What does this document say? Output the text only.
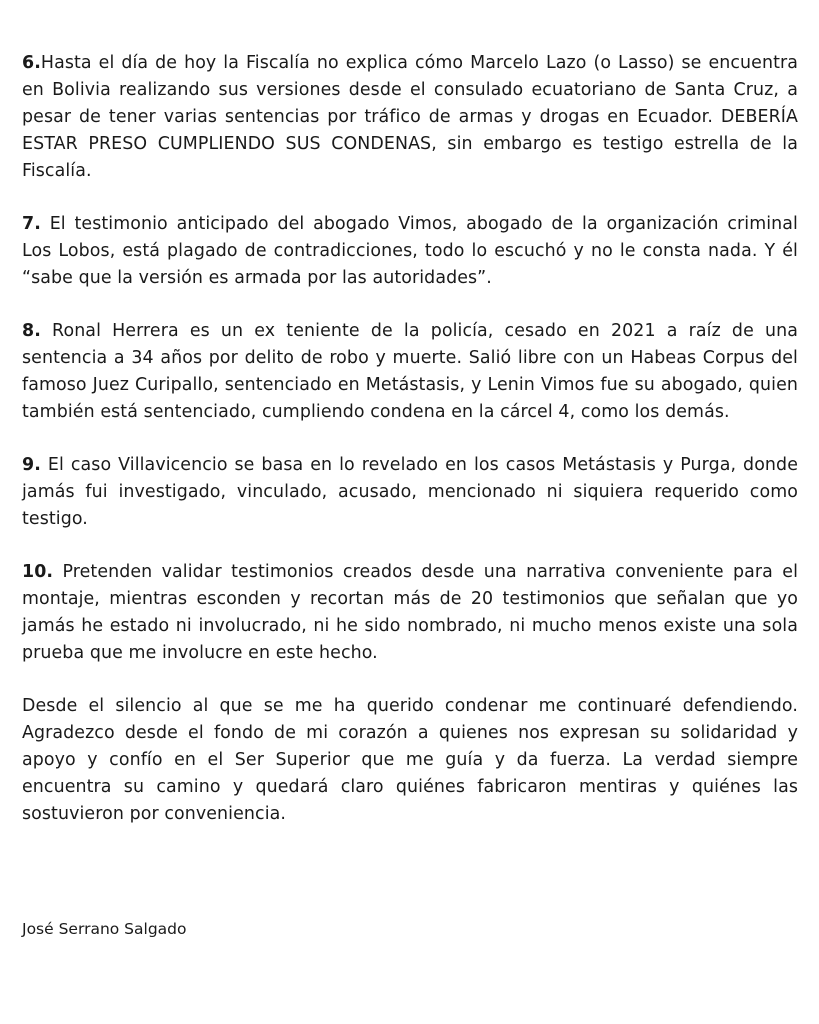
6.Hasta el día de hoy la Fiscalía no explica cómo Marcelo Lazo (o Lasso) se encuentra en Bolivia realizando sus versiones desde el consulado ecuatoriano de Santa Cruz, a pesar de tener varias sentencias por tráfico de armas y drogas en Ecuador. DEBERÍA ESTAR PRESO CUMPLIENDO SUS CONDENAS, sin embargo es testigo estrella de la Fiscalía.

7. El testimonio anticipado del abogado Vimos, abogado de la organización criminal Los Lobos, está plagado de contradicciones, todo lo escuchó y no le consta nada. Y él “sabe que la versión es armada por las autoridades”.

8. Ronal Herrera es un ex teniente de la policía, cesado en 2021 a raíz de una sentencia a 34 años por delito de robo y muerte. Salió libre con un Habeas Corpus del famoso Juez Curipallo, sentenciado en Metástasis, y Lenin Vimos fue su abogado, quien también está sentenciado, cumpliendo condena en la cárcel 4, como los demás.

9. El caso Villavicencio se basa en lo revelado en los casos Metástasis y Purga, donde jamás fui investigado, vinculado, acusado, mencionado ni siquiera requerido como testigo.

10. Pretenden validar testimonios creados desde una narrativa conveniente para el montaje, mientras esconden y recortan más de 20 testimonios que señalan que yo jamás he estado ni involucrado, ni he sido nombrado, ni mucho menos existe una sola prueba que me involucre en este hecho.

Desde el silencio al que se me ha querido condenar me continuaré defendiendo. Agradezco desde el fondo de mi corazón a quienes nos expresan su solidaridad y apoyo y confío en el Ser Superior que me guía y da fuerza. La verdad siempre encuentra su camino y quedará claro quiénes fabricaron mentiras y quiénes las sostuvieron por conveniencia.

José Serrano Salgado
